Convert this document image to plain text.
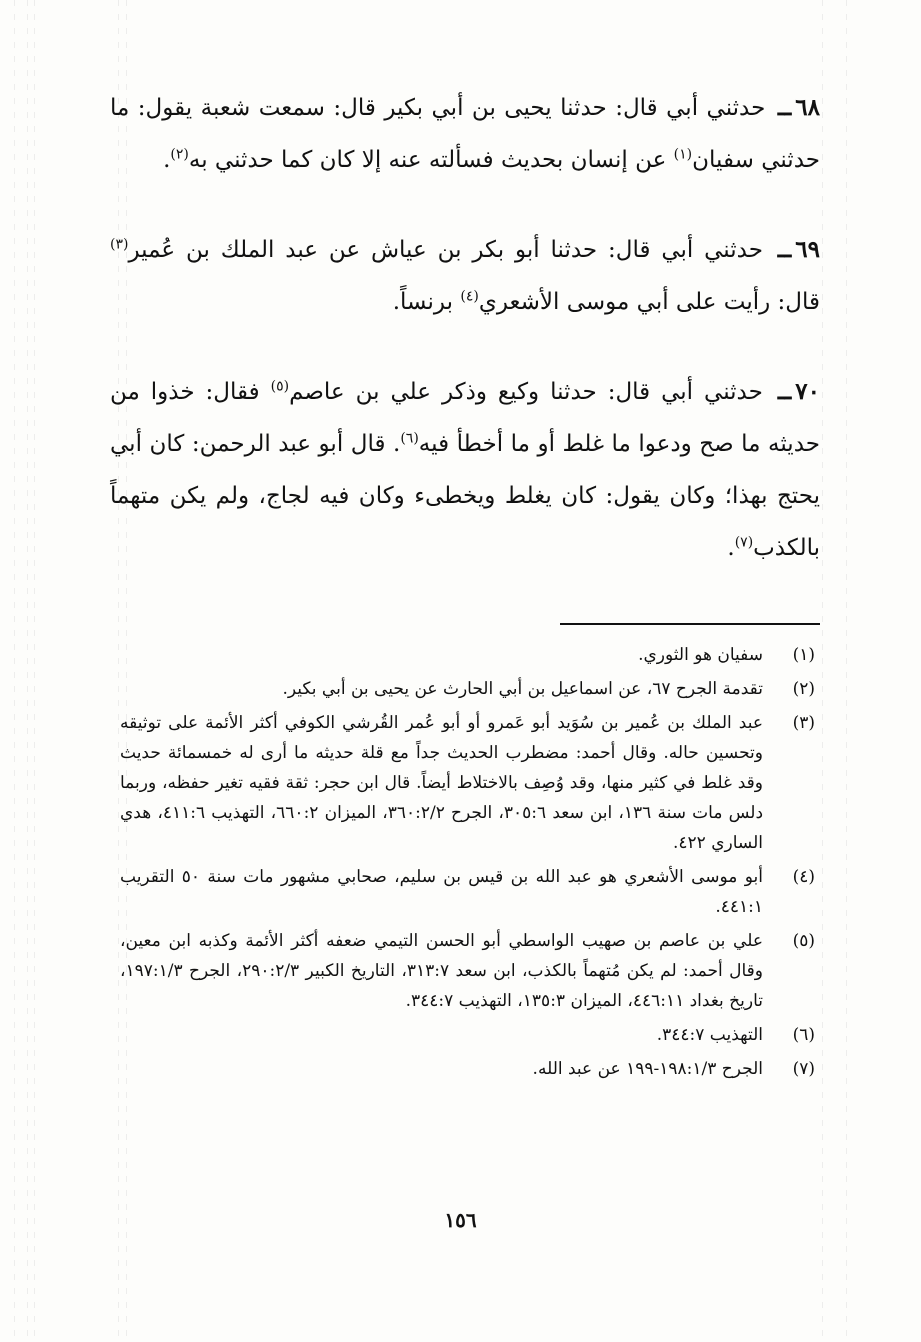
٦٨ــ حدثني أبي قال: حدثنا يحيى بن أبي بكير قال: سمعت شعبة يقول: ما حدثني سفيان$^{(١)}$ عن إنسان بحديث فسألته عنه إلا كان كما حدثني به$^{(٢)}$.

٦٩ــ حدثني أبي قال: حدثنا أبو بكر بن عياش عن عبد الملك بن عُمير$^{(٣)}$ قال: رأيت على أبي موسى الأشعري$^{(٤)}$ برنساً.

٧٠ــ حدثني أبي قال: حدثنا وكيع وذكر علي بن عاصم$^{(٥)}$ فقال: خذوا من حديثه ما صح ودعوا ما غلط أو ما أخطأ فيه$^{(٦)}$. قال أبو عبد الرحمن: كان أبي يحتج بهذا؛ وكان يقول: كان يغلط ويخطىء وكان فيه لجاج، ولم يكن متهماً بالكذب$^{(٧)}$.

(١)
سفيان هو الثوري.
(٢)
تقدمة الجرح ٦٧، عن اسماعيل بن أبي الحارث عن يحيى بن أبي بكير.
(٣)
عبد الملك بن عُمير بن سُوَيد أبو عَمرو أو أبو عُمر القُرشي الكوفي أكثر الأئمة على توثيقه وتحسين حاله. وقال أحمد: مضطرب الحديث جداً مع قلة حديثه ما أرى له خمسمائة حديث وقد غلط في كثير منها، وقد وُصِف بالاختلاط أيضاً. قال ابن حجر: ثقة فقيه تغير حفظه، وربما دلس مات سنة ١٣٦، ابن سعد ٣٠٥:٦، الجرح ٣٦٠:٢/٢، الميزان ٦٦٠:٢، التهذيب ٤١١:٦، هدي الساري ٤٢٢.
(٤)
أبو موسى الأشعري هو عبد الله بن قيس بن سليم، صحابي مشهور مات سنة ٥٠ التقريب ٤٤١:١.
(٥)
علي بن عاصم بن صهيب الواسطي أبو الحسن التيمي ضعفه أكثر الأئمة وكذبه ابن معين، وقال أحمد: لم يكن مُتهماً بالكذب، ابن سعد ٣١٣:٧، التاريخ الكبير ٢٩٠:٢/٣، الجرح ١٩٧:١/٣، تاريخ بغداد ٤٤٦:١١، الميزان ١٣٥:٣، التهذيب ٣٤٤:٧.
(٦)
التهذيب ٣٤٤:٧.
(٧)
الجرح ١٩٨:١/٣-١٩٩ عن عبد الله.
١٥٦
